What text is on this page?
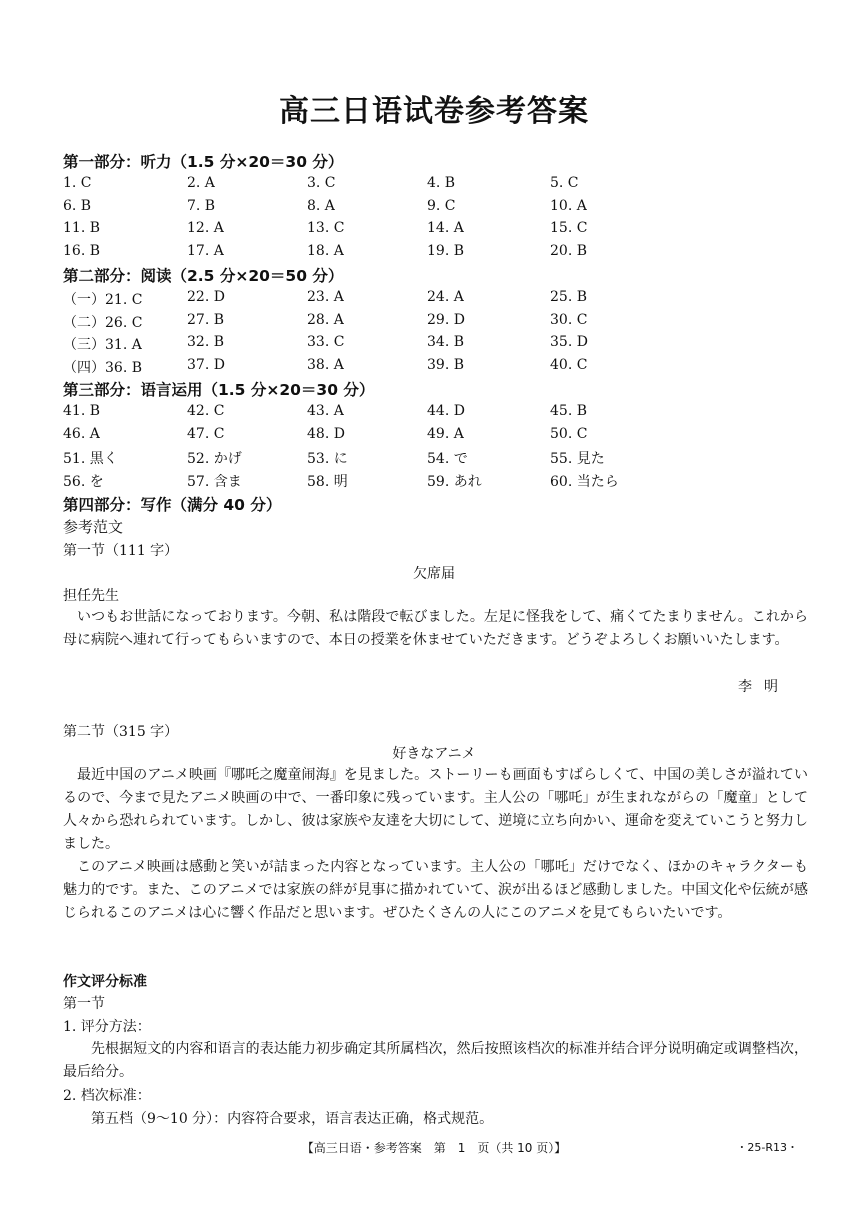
高三日语试卷参考答案
第一部分：听力（1.5 分×20＝30 分）
1. C	2. A	3. C	4. B	5. C
6. B	7. B	8. A	9. C	10. A
11. B	12. A	13. C	14. A	15. C
16. B	17. A	18. A	19. B	20. B
第二部分：阅读（2.5 分×20＝50 分）
（一）21. C	22. D	23. A	24. A	25. B
（二）26. C	27. B	28. A	29. D	30. C
（三）31. A	32. B	33. C	34. B	35. D
（四）36. B	37. D	38. A	39. B	40. C
第三部分：语言运用（1.5 分×20＝30 分）
41. B	42. C	43. A	44. D	45. B
46. A	47. C	48. D	49. A	50. C
51. 黒く	52. かげ	53. に	54. で	55. 見た
56. を	57. 含ま	58. 明	59. あれ	60. 当たら
第四部分：写作（满分 40 分）
参考范文
第一节（111 字）
欠席届
担任先生

いつもお世話になっております。今朝、私は階段で転びました。左足に怪我をして、痛くてたまりません。これから母に病院へ連れて行ってもらいますので、本日の授業を休ませていただきます。どうぞよろしくお願いいたします。

李明
第二节（315 字）
好きなアニメ

最近中国のアニメ映画『哪吒之魔童闹海』を見ました。ストーリーも画面もすばらしくて、中国の美しさが溢れているので、今まで見たアニメ映画の中で、一番印象に残っています。主人公の「哪吒」が生まれながらの「魔童」として人々から恐れられています。しかし、彼は家族や友達を大切にして、逆境に立ち向かい、運命を変えていこうと努力しました。

このアニメ映画は感動と笑いが詰まった内容となっています。主人公の「哪吒」だけでなく、ほかのキャラクターも魅力的です。また、このアニメでは家族の絆が見事に描かれていて、涙が出るほど感動しました。中国文化や伝統が感じられるこのアニメは心に響く作品だと思います。ぜひたくさんの人にこのアニメを見てもらいたいです。

作文评分标准
第一节
1. 评分方法：

先根据短文的内容和语言的表达能力初步确定其所属档次，然后按照该档次的标准并结合评分说明确定或调整档次，最后给分。

2. 档次标准：
第五档（9～10 分）：内容符合要求，语言表达正确，格式规范。
【高三日语・参考答案　第　1　页（共 10 页）】	・25-R13・
